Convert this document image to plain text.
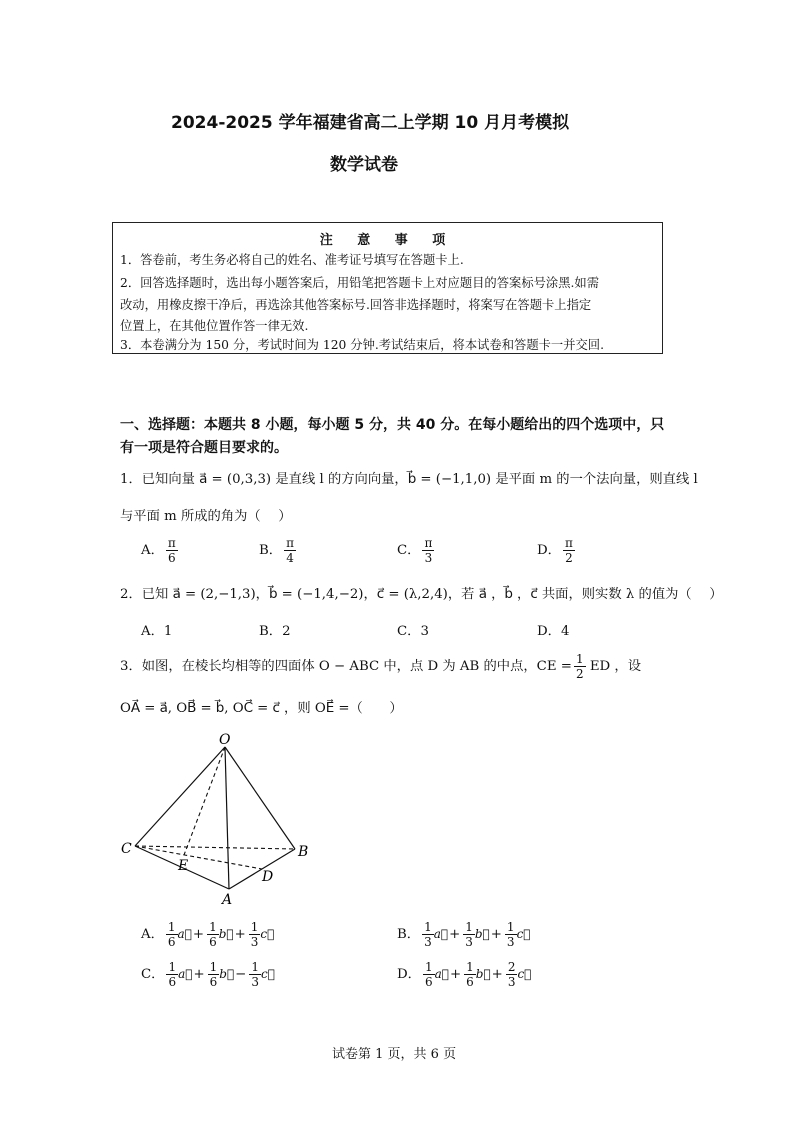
2024-2025 学年福建省高二上学期 10 月月考模拟
数学试卷
注 意 事 项
1．答卷前，考生务必将自己的姓名、准考证号填写在答题卡上.
2．回答选择题时，选出每小题答案后，用铅笔把答题卡上对应题目的答案标号涂黑.如需
改动，用橡皮擦干净后，再选涂其他答案标号.回答非选择题时，将案写在答题卡上指定
位置上，在其他位置作答一律无效.
3．本卷满分为 150 分，考试时间为 120 分钟.考试结束后，将本试卷和答题卡一并交回.
一、选择题：本题共 8 小题，每小题 5 分，共 40 分。在每小题给出的四个选项中，只
有一项是符合题目要求的。
1．已知向量 a⃗ = (0,3,3) 是直线 l 的方向向量，b⃗ = (−1,1,0) 是平面 m 的一个法向量，则直线 l
与平面 m 所成的角为（　 ）
A． $\frac{\pi}{6}$	B． $\frac{\pi}{4}$	C． $\frac{\pi}{3}$	D． $\frac{\pi}{2}$
2．已知 a⃗ = (2,−1,3)，b⃗ = (−1,4,−2)，c⃗ = (λ,2,4)，若 a⃗ ，b⃗ ，c⃗ 共面，则实数 λ 的值为（　 ）
A．1	B．2	C．3	D．4
3．如图，在棱长均相等的四面体 O − ABC 中，点 D 为 AB 的中点，CE = $\frac{1}{2}$ ED ，设
OA⃗ = a⃗, OB⃗ = b⃗, OC⃗ = c⃗ ，则 OE⃗ =（　　）
O
C	B
E
D
A
A． $\frac{1}{6}$ a⃗+ $\frac{1}{6}$ b⃗+ $\frac{1}{3}$ c⃗	B． $\frac{1}{3}$ a⃗+ $\frac{1}{3}$ b⃗+ $\frac{1}{3}$ c⃗
C． $\frac{1}{6}$ a⃗+ $\frac{1}{6}$ b⃗− $\frac{1}{3}$ c⃗	D． $\frac{1}{6}$ a⃗+ $\frac{1}{6}$ b⃗+ $\frac{2}{3}$ c⃗
试卷第 1 页，共 6 页
